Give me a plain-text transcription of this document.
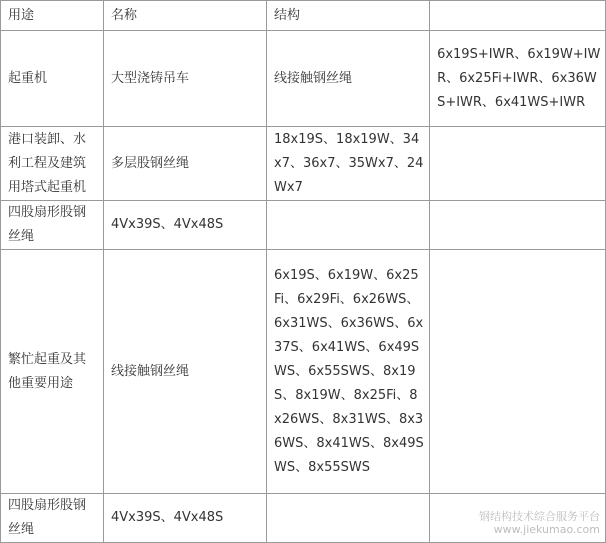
用途	名称	结构	
起重机	大型浇铸吊车	线接触钢丝绳	6x19S+IWR、6x19W+IWR、6x25Fi+IWR、6x36WS+IWR、6x41WS+IWR
港口装卸、水利工程及建筑用塔式起重机	多层股钢丝绳	18x19S、18x19W、34x7、36x7、35Wx7、24Wx7	
四股扇形股钢丝绳	4Vx39S、4Vx48S		
繁忙起重及其他重要用途	线接触钢丝绳	6x19S、6x19W、6x25Fi、6x29Fi、6x26WS、6x31WS、6x36WS、6x37S、6x41WS、6x49SWS、6x55SWS、8x19S、8x19W、8x25Fi、8x26WS、8x31WS、8x36WS、8x41WS、8x49SWS、8x55SWS	
四股扇形股钢丝绳	4Vx39S、4Vx48S			钢结构技术综合服务平台
www.jiekumao.com
